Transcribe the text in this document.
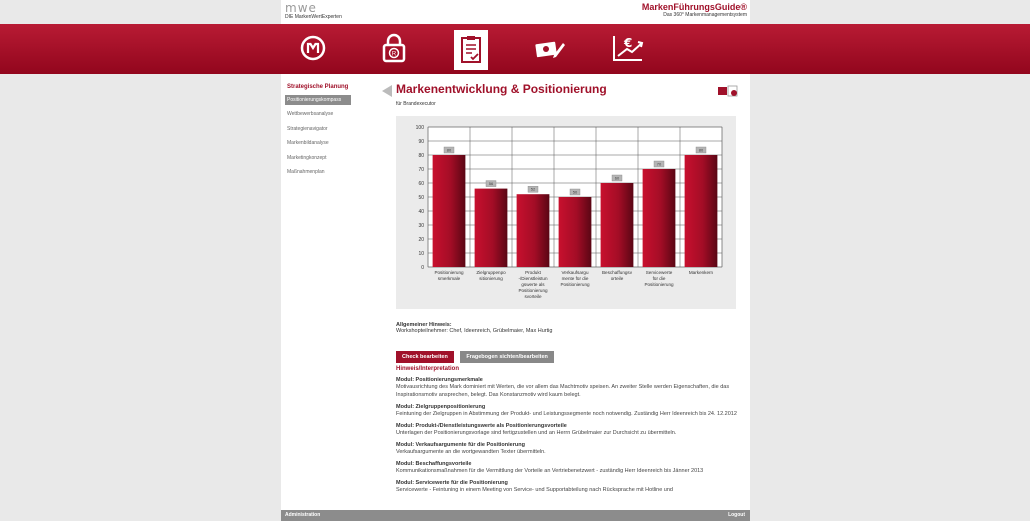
mwe
DIE MarkenWertExperten
MarkenFührungsGuide®
Das 360° Markenmanagementsystem
R
€
Strategische Planung
Positionierungskompass
Wettbewerbsanalyse
Strategienavigator
Markenbildanalyse
Marketingkonzept
Maßnahmenplan
Markenentwicklung & Positionierung
für Brandexecutor
0
10
20
30
40
50
60
70
80
90
100
80
Positionierung
smerkmale
56
Zielgruppenpo
sitionierung
52
Produkt
-/Dienstleistun
gswerte als
Positionierung
svorteile
50
Verkaufsargu
mente für die
Positionierung
60
Beschaffungsv
orteile
70
Servicewerte
für die
Positionierung
80
Markenkern
Allgemeiner Hinweis:
Workshopteilnehmer: Chef, Ideenreich, Grübelmaier, Max Hurtig
Check bearbeiten	Fragebogen sichten/bearbeiten
Hinweis/Interpretation
Modul: Positionierungsmerkmale
Motivausrichtung des Mark dominiert mit Werten, die vor allem das Machtmotiv speisen. An zweiter Stelle werden Eigenschaften, die das Inspirationsmotiv ansprechen, belegt. Das Konstanzmotiv wird kaum belegt.
Modul: Zielgruppenpositionierung
Feintuning der Zielgruppen in Abstimmung der Produkt- und Leistungssegmente noch notwendig. Zuständig Herr Ideenreich bis 24. 12.2012
Modul: Produkt-/Dienstleistungswerte als Positionierungsvorteile
Unterlagen der Positionierungsvorlage sind fertigzustellen und an Herrn Grübelmaier zur Durchsicht zu übermitteln.
Modul: Verkaufsargumente für die Positionierung
Verkaufsargumente an die wortgewandten Texter übermitteln.
Modul: Beschaffungsvorteile
Kommunikationsmaßnahmen für die Vermittlung der Vorteile an Vertriebenetzwert - zuständig Herr Ideenreich bis Jänner 2013
Modul: Servicewerte für die Positionierung
Servicewerte - Feintuning in einem Meeting von Service- und Supportabteilung nach Rücksprache mit Hotline und
Administration	Logout
